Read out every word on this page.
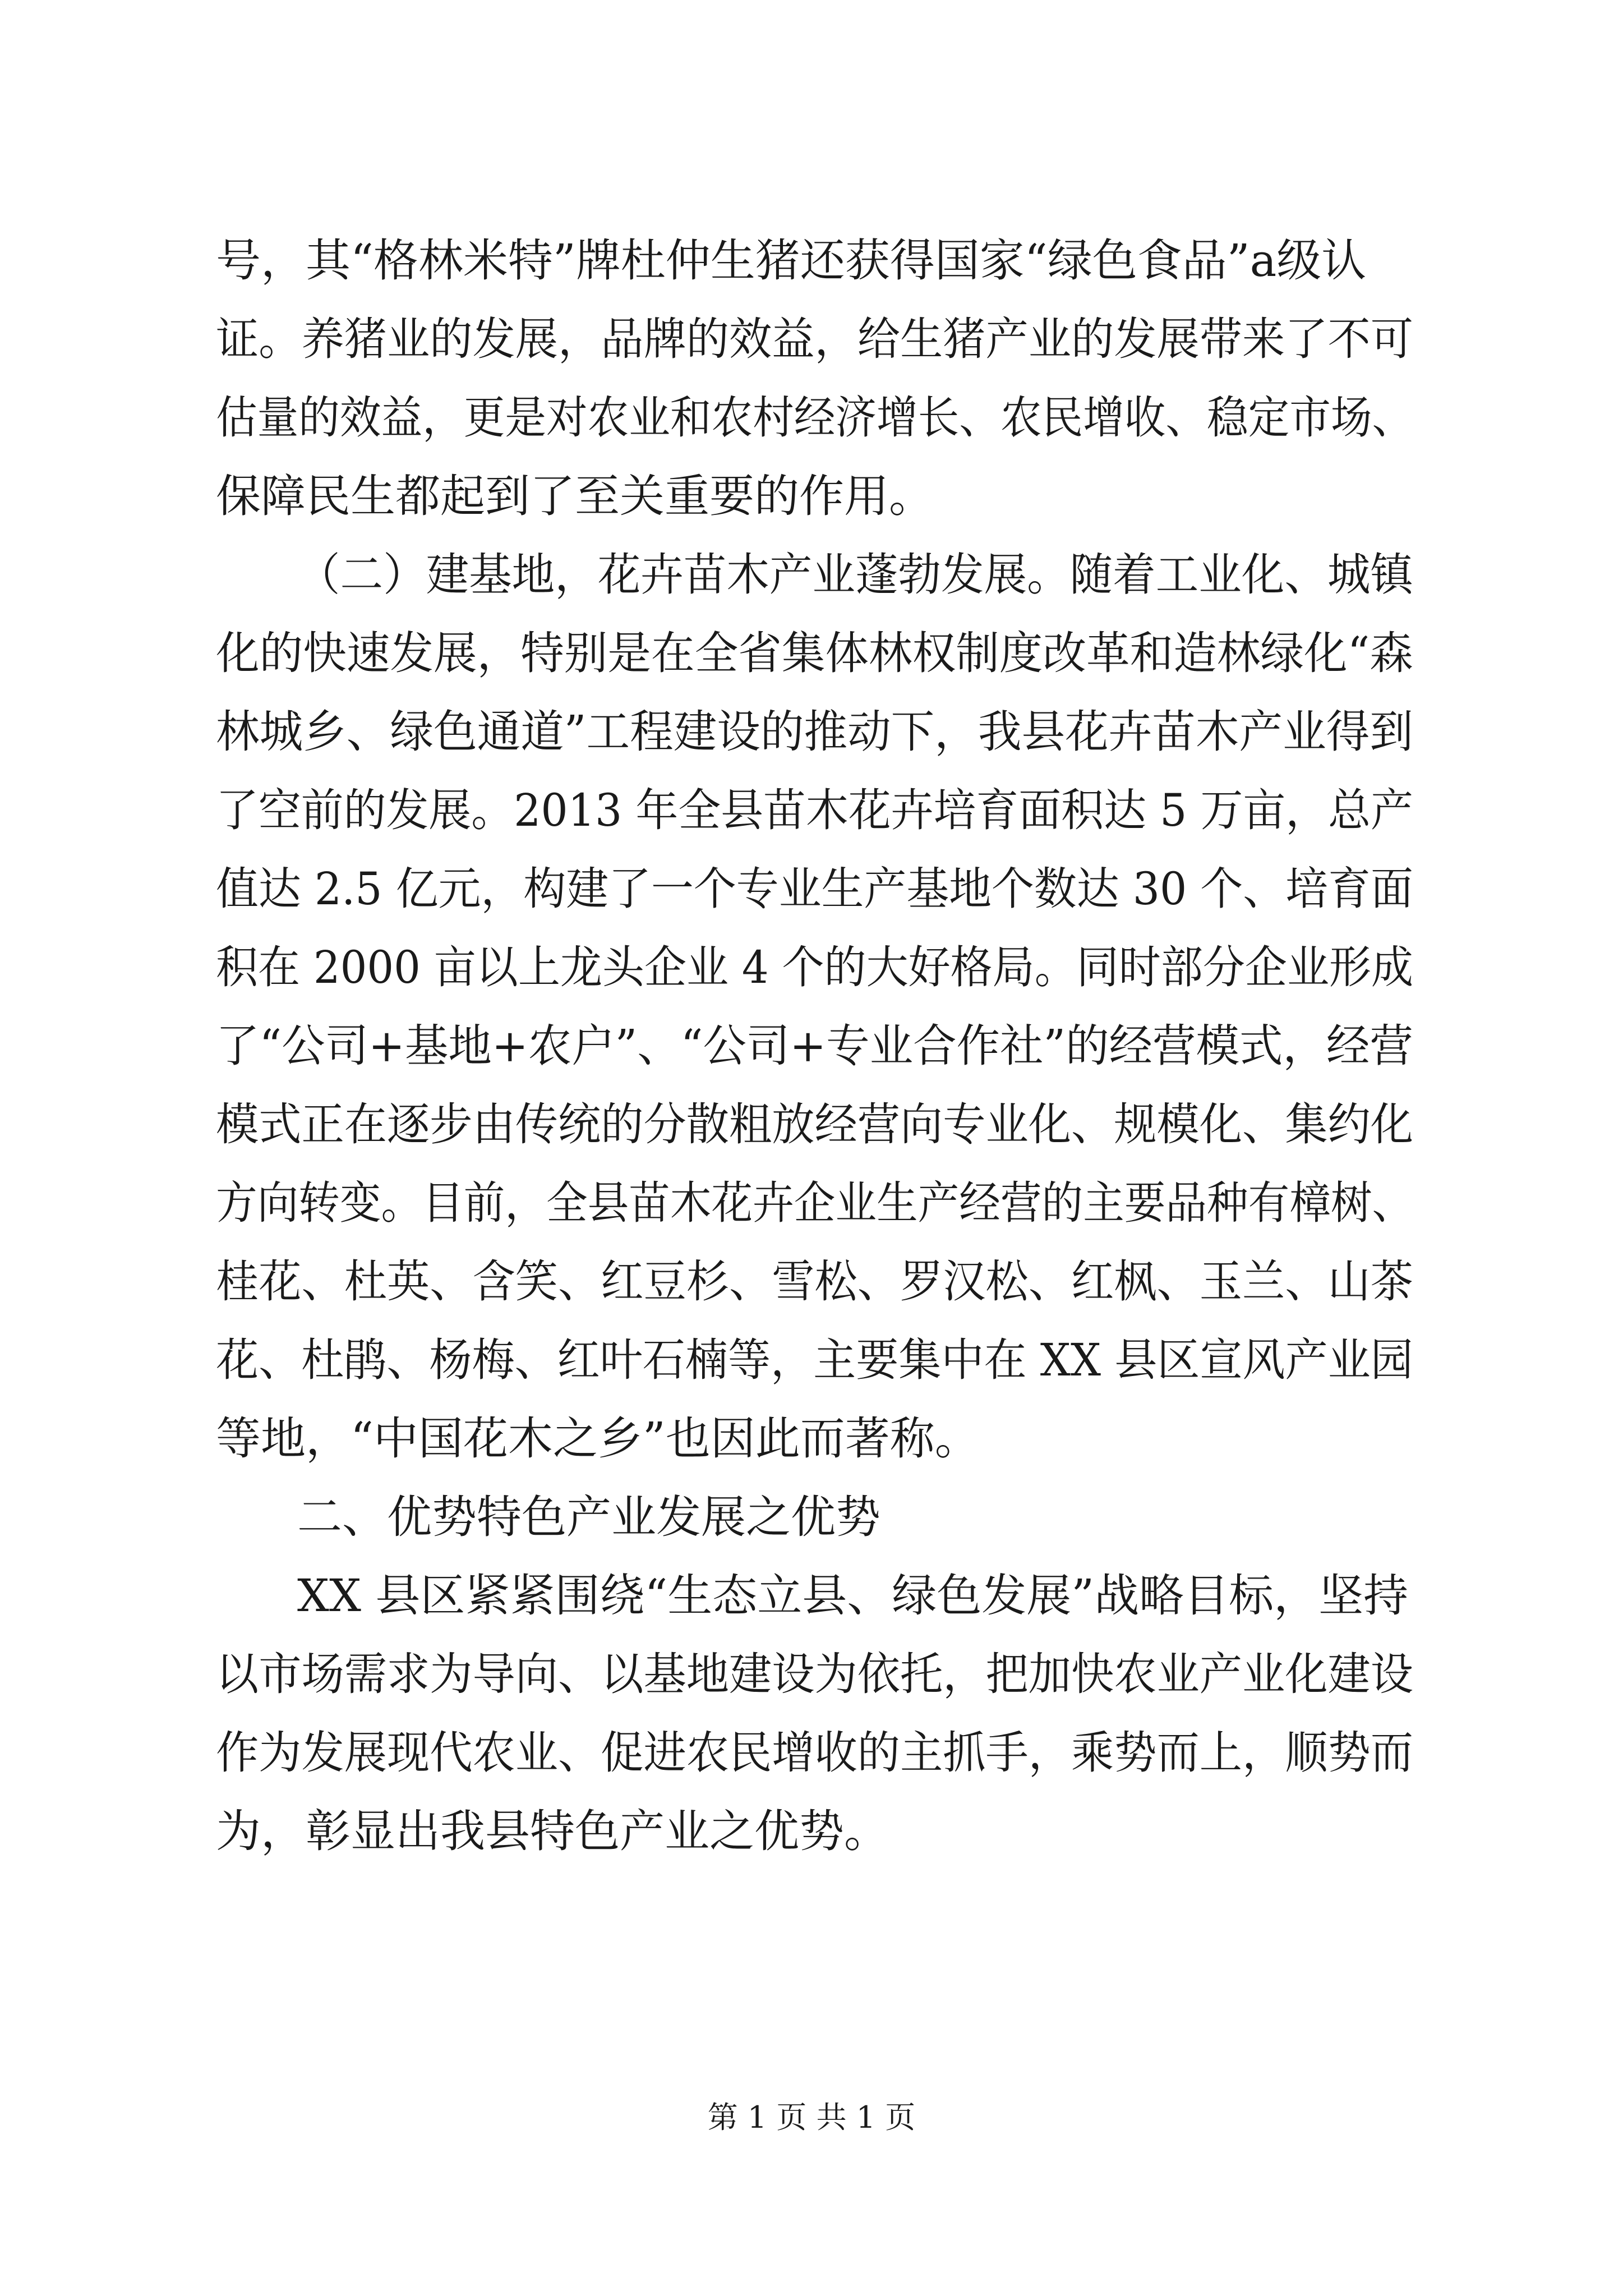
号，其“格林米特”牌杜仲生猪还获得国家“绿色食品”a级认
证。养猪业的发展，品牌的效益，给生猪产业的发展带来了不可
估量的效益，更是对农业和农村经济增长、农民增收、稳定市场、
保障民生都起到了至关重要的作用。
（二）建基地，花卉苗木产业蓬勃发展。随着工业化、城镇
化的快速发展，特别是在全省集体林权制度改革和造林绿化“森
林城乡、绿色通道”工程建设的推动下，我县花卉苗木产业得到
了空前的发展。2013 年全县苗木花卉培育面积达 5 万亩，总产
值达 2.5 亿元，构建了一个专业生产基地个数达 30 个、培育面
积在 2000 亩以上龙头企业 4 个的大好格局。同时部分企业形成
了“公司+基地+农户”、“公司+专业合作社”的经营模式，经营
模式正在逐步由传统的分散粗放经营向专业化、规模化、集约化
方向转变。目前，全县苗木花卉企业生产经营的主要品种有樟树、
桂花、杜英、含笑、红豆杉、雪松、罗汉松、红枫、玉兰、山茶
花、杜鹃、杨梅、红叶石楠等，主要集中在 XX 县区宣风产业园
等地，“中国花木之乡”也因此而著称。
二、优势特色产业发展之优势
XX 县区紧紧围绕“生态立县、绿色发展”战略目标，坚持
以市场需求为导向、以基地建设为依托，把加快农业产业化建设
作为发展现代农业、促进农民增收的主抓手，乘势而上，顺势而
为，彰显出我县特色产业之优势。
第 1 页 共 1 页
